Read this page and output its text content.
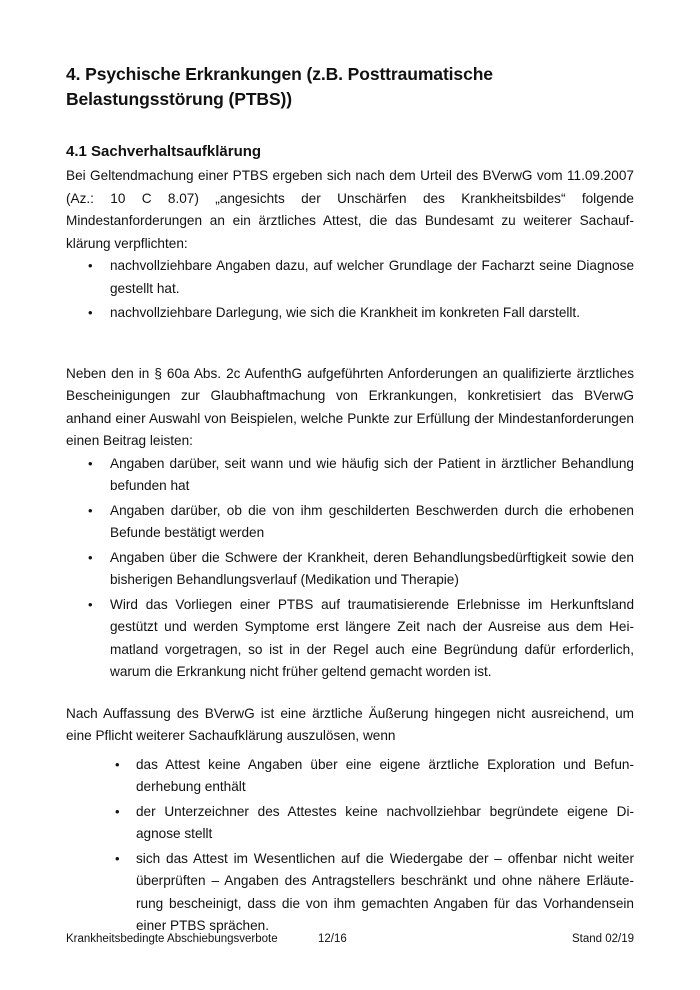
4. Psychische Erkrankungen (z.B. Posttraumatische Belastungsstörung (PTBS))
4.1 Sachverhaltsaufklärung

Bei Geltendmachung einer PTBS ergeben sich nach dem Urteil des BVerwG vom 11.09.2007 (Az.: 10 C 8.07) „angesichts der Unschärfen des Krankheitsbildes“ folgende Mindestanforderungen an ein ärztliches Attest, die das Bundesamt zu weiterer Sachaufklärung verpflichten:

• nachvollziehbare Angaben dazu, auf welcher Grundlage der Facharzt seine Diagnose gestellt hat.
• nachvollziehbare Darlegung, wie sich die Krankheit im konkreten Fall darstellt.

Neben den in § 60a Abs. 2c AufenthG aufgeführten Anforderungen an qualifizierte ärztliches Bescheinigungen zur Glaubhaftmachung von Erkrankungen, konkretisiert das BVerwG anhand einer Auswahl von Beispielen, welche Punkte zur Erfüllung der Mindestanforderungen einen Beitrag leisten:

• Angaben darüber, seit wann und wie häufig sich der Patient in ärztlicher Behandlung befunden hat
• Angaben darüber, ob die von ihm geschilderten Beschwerden durch die erhobenen Befunde bestätigt werden
• Angaben über die Schwere der Krankheit, deren Behandlungsbedürftigkeit sowie den bisherigen Behandlungsverlauf (Medikation und Therapie)
• Wird das Vorliegen einer PTBS auf traumatisierende Erlebnisse im Herkunftsland gestützt und werden Symptome erst längere Zeit nach der Ausreise aus dem Heimatland vorgetragen, so ist in der Regel auch eine Begründung dafür erforderlich, warum die Erkrankung nicht früher geltend gemacht worden ist.

Nach Auffassung des BVerwG ist eine ärztliche Äußerung hingegen nicht ausreichend, um eine Pflicht weiterer Sachaufklärung auszulösen, wenn

• das Attest keine Angaben über eine eigene ärztliche Exploration und Befunderhebung enthält
• der Unterzeichner des Attestes keine nachvollziehbar begründete eigene Diagnose stellt
• sich das Attest im Wesentlichen auf die Wiedergabe der – offenbar nicht weiter überprüften – Angaben des Antragstellers beschränkt und ohne nähere Erläuterung bescheinigt, dass die von ihm gemachten Angaben für das Vorhandensein einer PTBS sprächen.
Krankheitsbedingte Abschiebungsverbote	12/16	Stand 02/19
